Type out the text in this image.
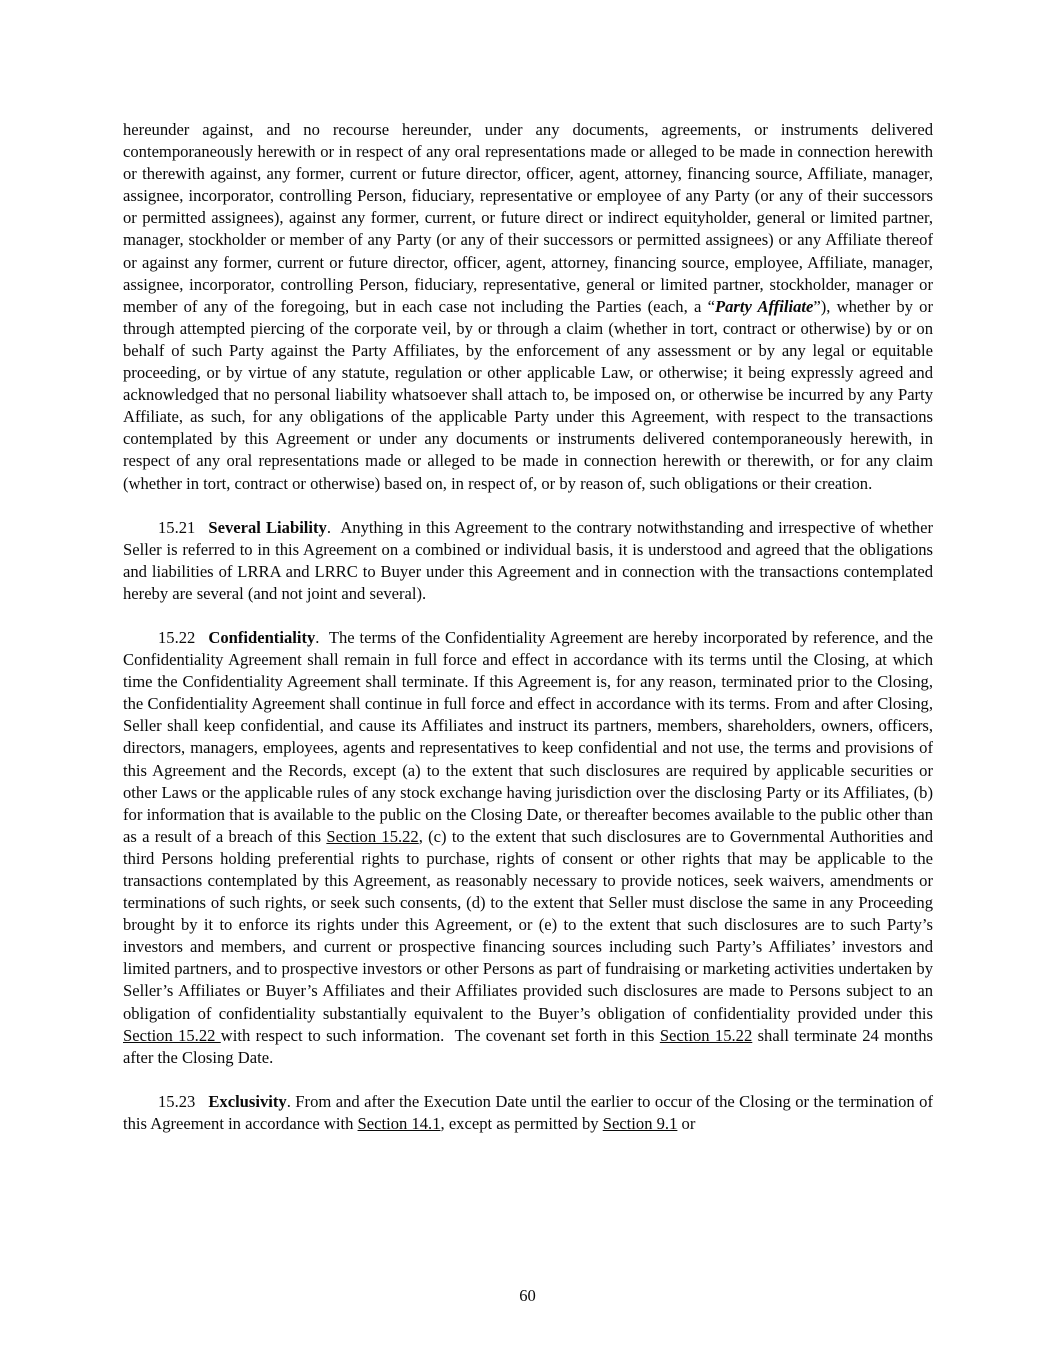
hereunder against, and no recourse hereunder, under any documents, agreements, or instruments delivered contemporaneously herewith or in respect of any oral representations made or alleged to be made in connection herewith or therewith against, any former, current or future director, officer, agent, attorney, financing source, Affiliate, manager, assignee, incorporator, controlling Person, fiduciary, representative or employee of any Party (or any of their successors or permitted assignees), against any former, current, or future direct or indirect equityholder, general or limited partner, manager, stockholder or member of any Party (or any of their successors or permitted assignees) or any Affiliate thereof or against any former, current or future director, officer, agent, attorney, financing source, employee, Affiliate, manager, assignee, incorporator, controlling Person, fiduciary, representative, general or limited partner, stockholder, manager or member of any of the foregoing, but in each case not including the Parties (each, a “Party Affiliate”), whether by or through attempted piercing of the corporate veil, by or through a claim (whether in tort, contract or otherwise) by or on behalf of such Party against the Party Affiliates, by the enforcement of any assessment or by any legal or equitable proceeding, or by virtue of any statute, regulation or other applicable Law, or otherwise; it being expressly agreed and acknowledged that no personal liability whatsoever shall attach to, be imposed on, or otherwise be incurred by any Party Affiliate, as such, for any obligations of the applicable Party under this Agreement, with respect to the transactions contemplated by this Agreement or under any documents or instruments delivered contemporaneously herewith, in respect of any oral representations made or alleged to be made in connection herewith or therewith, or for any claim (whether in tort, contract or otherwise) based on, in respect of, or by reason of, such obligations or their creation.

15.21 Several Liability.  Anything in this Agreement to the contrary notwithstanding and irrespective of whether Seller is referred to in this Agreement on a combined or individual basis, it is understood and agreed that the obligations and liabilities of LRRA and LRRC to Buyer under this Agreement and in connection with the transactions contemplated hereby are several (and not joint and several).

15.22 Confidentiality.  The terms of the Confidentiality Agreement are hereby incorporated by reference, and the Confidentiality Agreement shall remain in full force and effect in accordance with its terms until the Closing, at which time the Confidentiality Agreement shall terminate. If this Agreement is, for any reason, terminated prior to the Closing, the Confidentiality Agreement shall continue in full force and effect in accordance with its terms. From and after Closing, Seller shall keep confidential, and cause its Affiliates and instruct its partners, members, shareholders, owners, officers, directors, managers, employees, agents and representatives to keep confidential and not use, the terms and provisions of this Agreement and the Records, except (a) to the extent that such disclosures are required by applicable securities or other Laws or the applicable rules of any stock exchange having jurisdiction over the disclosing Party or its Affiliates, (b) for information that is available to the public on the Closing Date, or thereafter becomes available to the public other than as a result of a breach of this Section 15.22, (c) to the extent that such disclosures are to Governmental Authorities and third Persons holding preferential rights to purchase, rights of consent or other rights that may be applicable to the transactions contemplated by this Agreement, as reasonably necessary to provide notices, seek waivers, amendments or terminations of such rights, or seek such consents, (d) to the extent that Seller must disclose the same in any Proceeding brought by it to enforce its rights under this Agreement, or (e) to the extent that such disclosures are to such Party’s investors and members, and current or prospective financing sources including such Party’s Affiliates’ investors and limited partners, and to prospective investors or other Persons as part of fundraising or marketing activities undertaken by Seller’s Affiliates or Buyer’s Affiliates and their Affiliates provided such disclosures are made to Persons subject to an obligation of confidentiality substantially equivalent to the Buyer’s obligation of confidentiality provided under this Section 15.22 with respect to such information.  The covenant set forth in this Section 15.22 shall terminate 24 months after the Closing Date.

15.23 Exclusivity. From and after the Execution Date until the earlier to occur of the Closing or the termination of this Agreement in accordance with Section 14.1, except as permitted by Section 9.1 or

60
